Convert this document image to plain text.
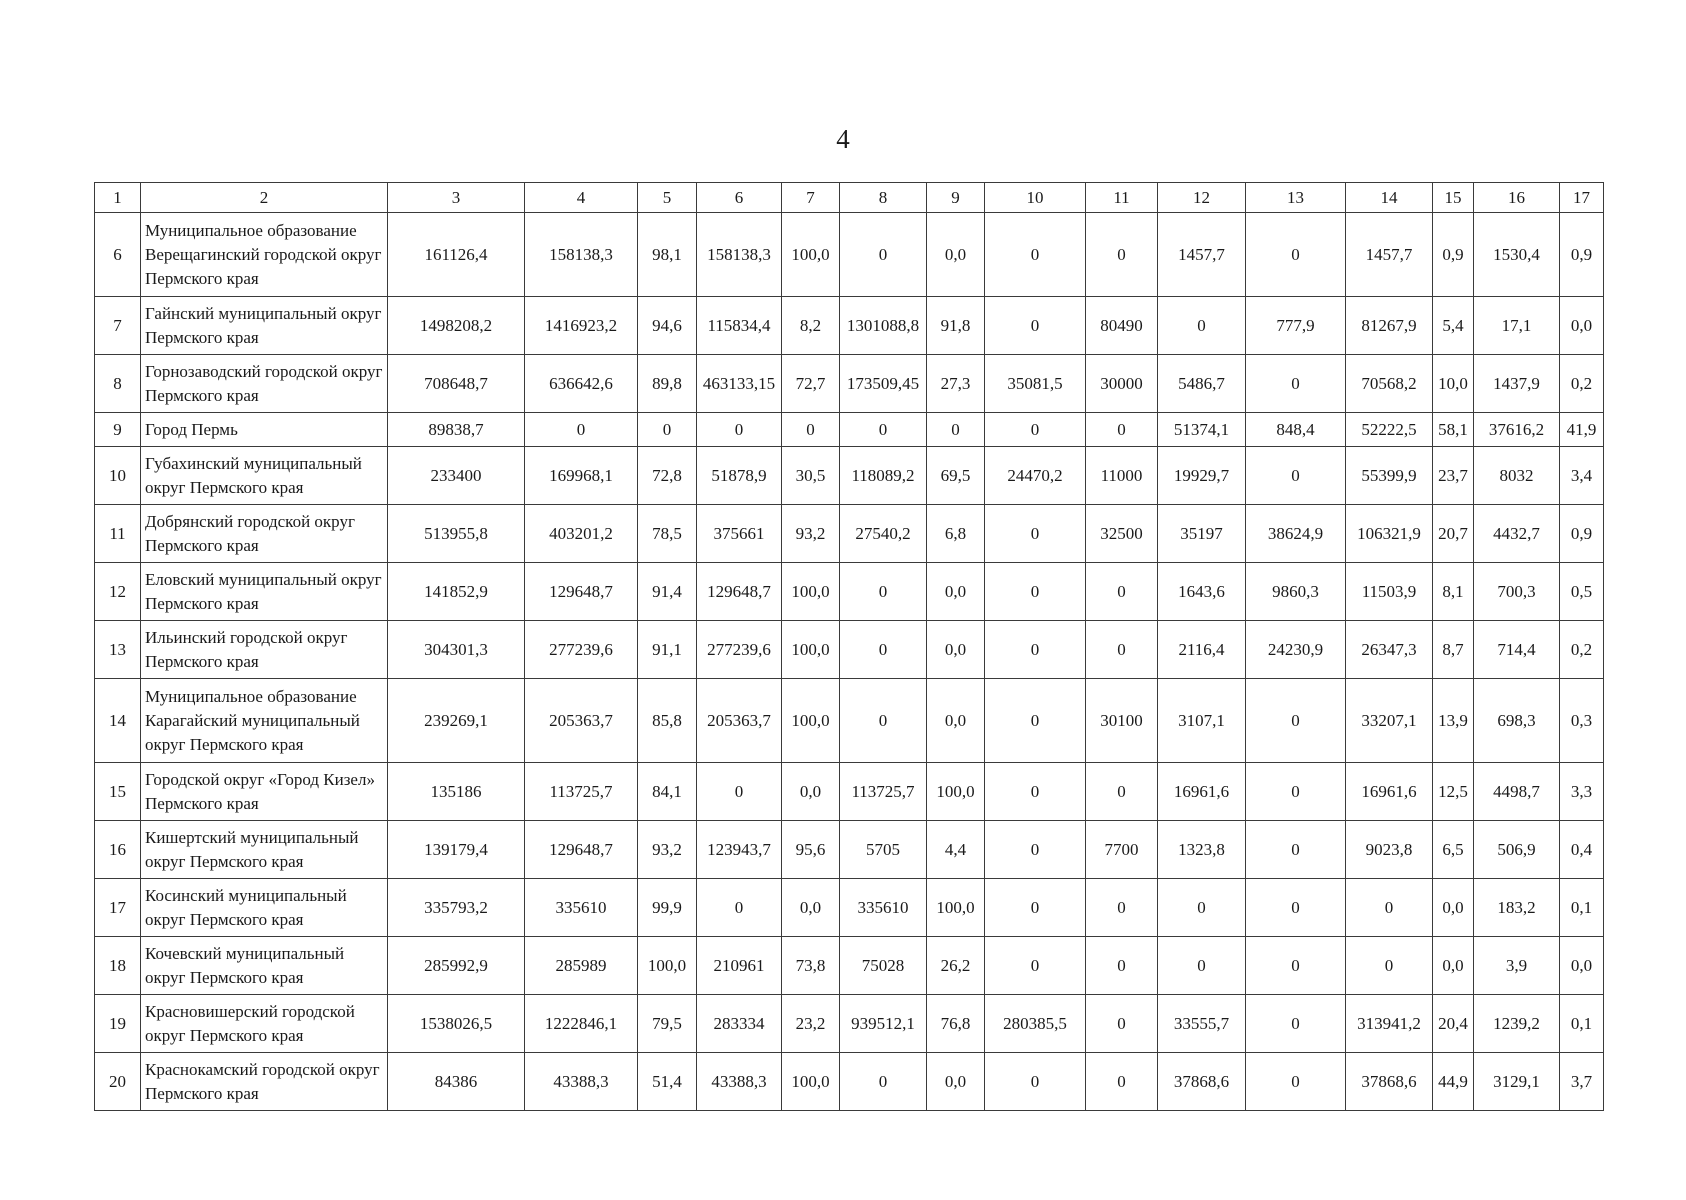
4
1	2	3	4	5	6	7	8	9	10	11	12	13	14	15	16	17
6	Муниципальное образование Верещагинский городской округ Пермского края	161126,4	158138,3	98,1	158138,3	100,0	0	0,0	0	0	1457,7	0	1457,7	0,9	1530,4	0,9
7	Гайнский муниципальный округ Пермского края	1498208,2	1416923,2	94,6	115834,4	8,2	1301088,8	91,8	0	80490	0	777,9	81267,9	5,4	17,1	0,0
8	Горнозаводский городской округ Пермского края	708648,7	636642,6	89,8	463133,15	72,7	173509,45	27,3	35081,5	30000	5486,7	0	70568,2	10,0	1437,9	0,2
9	Город Пермь	89838,7	0	0	0	0	0	0	0	0	51374,1	848,4	52222,5	58,1	37616,2	41,9
10	Губахинский муниципальный округ Пермского края	233400	169968,1	72,8	51878,9	30,5	118089,2	69,5	24470,2	11000	19929,7	0	55399,9	23,7	8032	3,4
11	Добрянский городской округ Пермского края	513955,8	403201,2	78,5	375661	93,2	27540,2	6,8	0	32500	35197	38624,9	106321,9	20,7	4432,7	0,9
12	Еловский муниципальный округ Пермского края	141852,9	129648,7	91,4	129648,7	100,0	0	0,0	0	0	1643,6	9860,3	11503,9	8,1	700,3	0,5
13	Ильинский городской округ Пермского края	304301,3	277239,6	91,1	277239,6	100,0	0	0,0	0	0	2116,4	24230,9	26347,3	8,7	714,4	0,2
14	Муниципальное образование Карагайский муниципальный округ Пермского края	239269,1	205363,7	85,8	205363,7	100,0	0	0,0	0	30100	3107,1	0	33207,1	13,9	698,3	0,3
15	Городской округ «Город Кизел» Пермского края	135186	113725,7	84,1	0	0,0	113725,7	100,0	0	0	16961,6	0	16961,6	12,5	4498,7	3,3
16	Кишертский муниципальный округ Пермского края	139179,4	129648,7	93,2	123943,7	95,6	5705	4,4	0	7700	1323,8	0	9023,8	6,5	506,9	0,4
17	Косинский муниципальный округ Пермского края	335793,2	335610	99,9	0	0,0	335610	100,0	0	0	0	0	0	0,0	183,2	0,1
18	Кочевский муниципальный округ Пермского края	285992,9	285989	100,0	210961	73,8	75028	26,2	0	0	0	0	0	0,0	3,9	0,0
19	Красновишерский городской округ Пермского края	1538026,5	1222846,1	79,5	283334	23,2	939512,1	76,8	280385,5	0	33555,7	0	313941,2	20,4	1239,2	0,1
20	Краснокамский городской округ Пермского края	84386	43388,3	51,4	43388,3	100,0	0	0,0	0	0	37868,6	0	37868,6	44,9	3129,1	3,7
